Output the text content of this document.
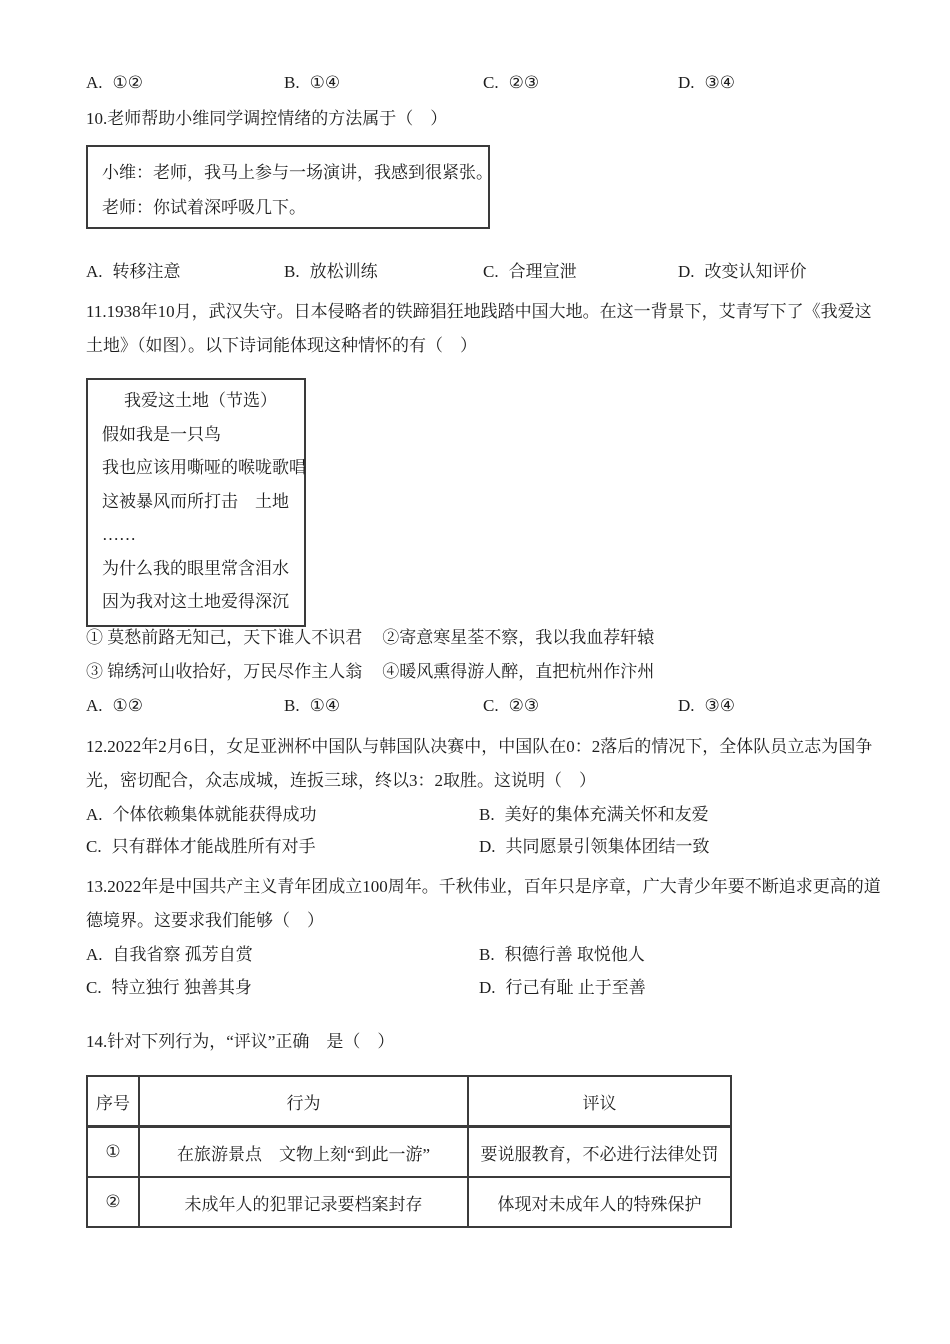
A. ①②	B. ①④	C. ②③	D. ③④
10.老师帮助小维同学调控情绪的方法属于（　）
小维：老师，我马上参与一场演讲，我感到很紧张。
老师：你试着深呼吸几下。
A. 转移注意	B. 放松训练	C. 合理宣泄	D. 改变认知评价
11.1938年10月，武汉失守。日本侵略者的铁蹄猖狂地践踏中国大地。在这一背景下，艾青写下了《我爱这土地》（如图）。以下诗词能体现这种情怀的有（　）
我爱这土地（节选）
假如我是一只鸟
我也应该用嘶哑的喉咙歌唱
这被暴风而所打击　土地
……
为什么我的眼里常含泪水
因为我对这土地爱得深沉
① 莫愁前路无知己，天下谁人不识君 ②寄意寒星荃不察，我以我血荐轩辕
③ 锦绣河山收拾好，万民尽作主人翁 ④暖风熏得游人醉，直把杭州作汴州
A. ①②	B. ①④	C. ②③	D. ③④
12.2022年2月6日，女足亚洲杯中国队与韩国队决赛中，中国队在0：2落后的情况下，全体队员立志为国争光，密切配合，众志成城，连扳三球，终以3：2取胜。这说明（　）
A. 个体依赖集体就能获得成功	B. 美好的集体充满关怀和友爱
C. 只有群体才能战胜所有对手	D. 共同愿景引领集体团结一致
13.2022年是中国共产主义青年团成立100周年。千秋伟业，百年只是序章，广大青少年要不断追求更高的道德境界。这要求我们能够（　）
A. 自我省察 孤芳自赏	B. 积德行善 取悦他人
C. 特立独行 独善其身	D. 行己有耻 止于至善
14.针对下列行为，“评议”正确　是（　）
序号	行为	评议
①	在旅游景点　文物上刻“到此一游”	要说服教育，不必进行法律处罚
②	未成年人的犯罪记录要档案封存	体现对未成年人的特殊保护
